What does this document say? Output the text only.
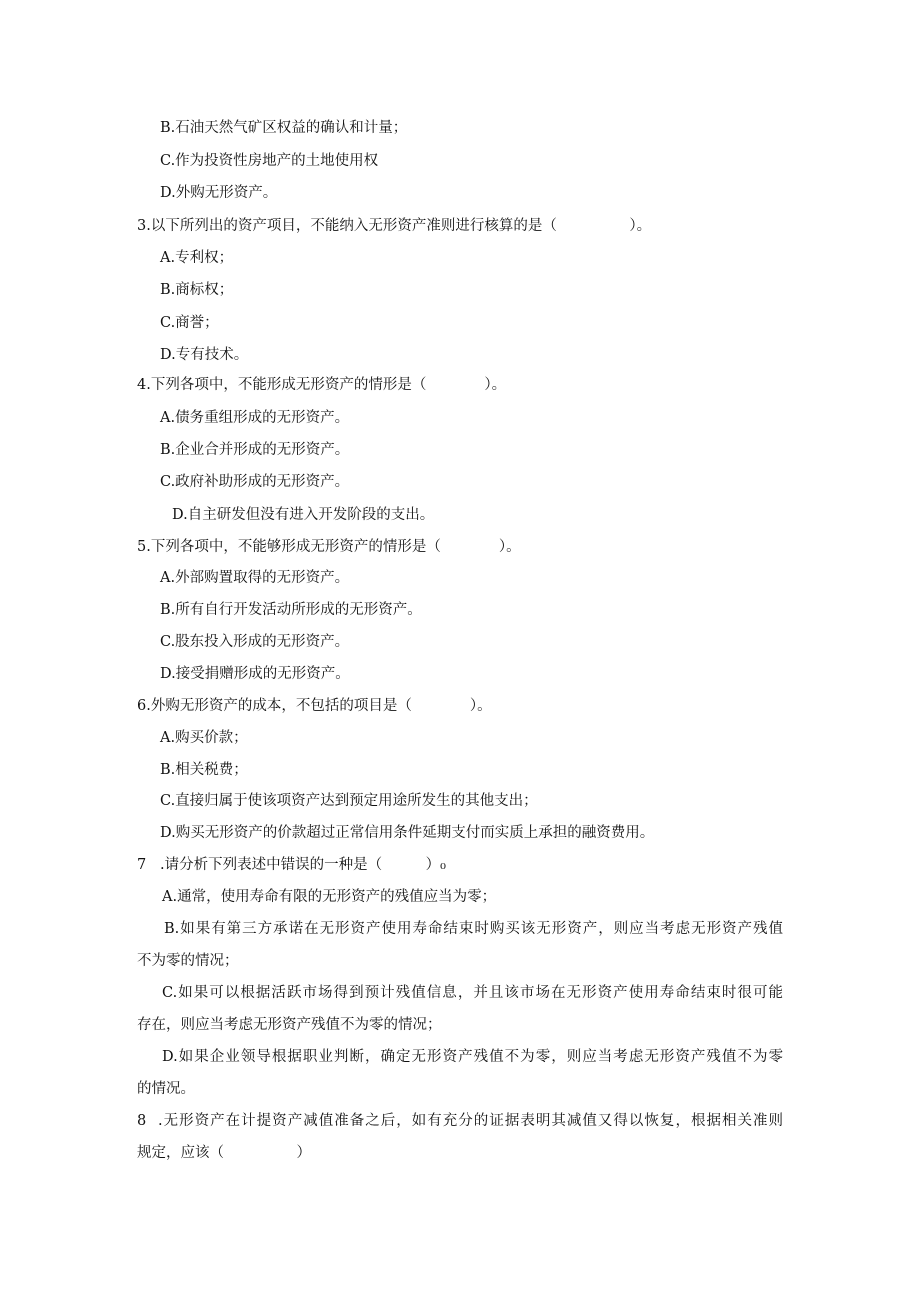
B.石油天然气矿区权益的确认和计量；
C.作为投资性房地产的土地使用权
D.外购无形资产。
3.以下所列出的资产项目，不能纳入无形资产准则进行核算的是（　　　　　）。
A.专利权；
B.商标权；
C.商誉；
D.专有技术。
4.下列各项中，不能形成无形资产的情形是（　　　　）。
A.债务重组形成的无形资产。
B.企业合并形成的无形资产。
C.政府补助形成的无形资产。
D.自主研发但没有进入开发阶段的支出。
5.下列各项中，不能够形成无形资产的情形是（　　　　）。
A.外部购置取得的无形资产。
B.所有自行开发活动所形成的无形资产。
C.股东投入形成的无形资产。
D.接受捐赠形成的无形资产。
6.外购无形资产的成本，不包括的项目是（　　　　）。
A.购买价款；
B.相关税费；
C.直接归属于使该项资产达到预定用途所发生的其他支出；
D.购买无形资产的价款超过正常信用条件延期支付而实质上承担的融资费用。
7 .请分析下列表述中错误的一种是（　　　）₀
A.通常，使用寿命有限的无形资产的残值应当为零；
B.如果有第三方承诺在无形资产使用寿命结束时购买该无形资产，则应当考虑无形资产残值
不为零的情况；
C.如果可以根据活跃市场得到预计残值信息，并且该市场在无形资产使用寿命结束时很可能
存在，则应当考虑无形资产残值不为零的情况；
D.如果企业领导根据职业判断，确定无形资产残值不为零，则应当考虑无形资产残值不为零
的情况。
8 .无形资产在计提资产减值准备之后，如有充分的证据表明其减值又得以恢复，根据相关准则
规定，应该（　　　　　）
